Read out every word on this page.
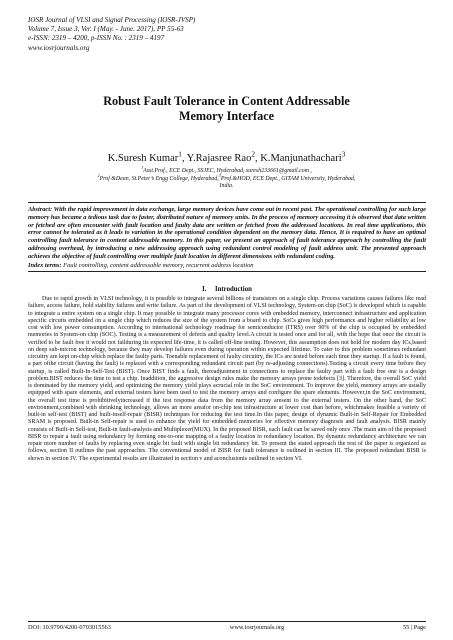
IOSR Journal of VLSI and Signal Processing (IOSR-JVSP)
Volume 7, Issue 3, Ver. I (May. - June. 2017), PP 55-63
e-ISSN: 2319 – 4200, p-ISSN No. : 2319 – 4197
www.iosrjournals.org
Robust Fault Tolerance in Content Addressable
Memory Interface
K.Suresh Kumar$^1$, Y.Rajasree Rao$^2$, K.Manjunathachari$^3$
$^1$Asst.Prof., ECE Dept., SSJEC, Hyderabad, suresh233661@gmail.com ,
$^2$Prof &Dean, St.Peter’s Engg College, Hyderabad,$^3$Prof.&HOD, ECE Dept., GITAM University, Hyderabad,
India.

Abstract: With the rapid improvement in data exchange, large memory devices have come out in recent past. The operational controlling for such large memory has became a tedious task due to faster, distributed nature of memory units. In the process of memory accessing it is observed that data written or fetched are often encounter with fault location and faulty data are written or fetched from the addressed locations. In real time applications, this error cannot be tolerated as it leads to variation in the operational condition dependent on the memory data. Hence, It is required to have an optimal controlling fault tolerance in content addressable memory. In this paper, we present an approach of fault tolerance approach by controlling the fault addressing overhead, by introducing a new addressing approach using redundant control modeling of fault address unit. The presented approach achieves the objective of fault controlling over multiple fault location in different dimensions with redundant coding.

Index terms: Fault controlling, content addressable memory, recurrent address location
I. Introduction

Due to rapid growth in VLSI technology, it is possible to integrate several billions of transistors on a single chip. Process variations causes failures like read failure, access failure, hold stability failures and write failure. As part of the development of VLSI technology, System-on chip (SoC) is developed which is capable to integrate a entire system on a single chip. It may possible to integrate many processor cores with embedded memory, interconnect infrastructure and application specific circuits embedded on a single chip which reduces the size of the system from a board to chip. SoCs gives high performance and higher reliability at low cost with low power consumption. According to international technology roadmap for semiconductor (ITRS) over 90% of the chip is occupied by embedded memories in System-on chip (SOC). Testing is a measurement of defects and quality level.A circuit is tested once and for all, with the hope that once the circuit is verified to be fault free it would not failduring its expected life-time, it is called off-line testing. However, this assumption does not hold for modern day ICs,based on deep sub-micron technology, because they may develop failures even during operation within expected lifetime. To cater to this problem sometimes redundant circuitry are kept on-chip which replace the faulty parts. Toenable replacement of faulty circuitry, the ICs are tested before each time they startup. If a fault is found, a part ofthe circuit (having the fault) is replaced with a corresponding redundant circuit part (by re-adjusting connections).Testing a circuit every time before they startup, is called Built-In-Self-Test (BIST). Once BIST finds a fault, thereadjustment in connections to replace the faulty part with a fault free one is a design problem.BIST reduces the time to test a chip. Inaddition, the aggressive design rules make the memory arrays prone todefects [3]. Therefore, the overall SoC yield is dominated by the memory yield, and optimizing the memory yield plays acrucial role in the SoC environment. To improve the yield, memory arrays are usually equipped with spare elements, and external testers have been used to test the memory arrays and configure the spare elements. However,in the SoC environment, the overall test time is prohibitivelyincreased if the test response data from the memory array aresent to the external testers. On the other hand, the SoC environment,combined with shrinking technology, allows an more areafor on-chip test infrastructure at lower cost than before, whichmakes feasible a variety of built-in self-test (BIST) and built-inself-repair (BISR) techniques for reducing the test time.In this paper, design of dynamic Built-in Self-Repair for Embedded SRAM is proposed. Built-in Self-repair is used to enhance the yield for embedded memories for effective memory diagnosis and fault analysis. BISR mainly consists of Built-in Self-test, Built-in fault-analysis and Multiplexer(MUX). In the proposed BISR, each fault can be saved only once .The main aim of the proposed BISR to repair a fault using redundancy by forming one-to-one mapping of a faulty location to redundancy location. By dynamic redundancy architecture we can repair more number of faults by replacing even single bit fault with single bit redundancy bit. To present the stated approach the rest of the paper is organized as follows, section II outlines the past approaches. The conventional model of BISR for fault tolerance is outlined in section III. The proposed redundant BISR is shown in section IV. The experimental results are illustrated in section v and aconclusionis outlined in section VI.

DOI: 10.9790/4200-0703015563	www.iosrjournals.org	55 | Page
